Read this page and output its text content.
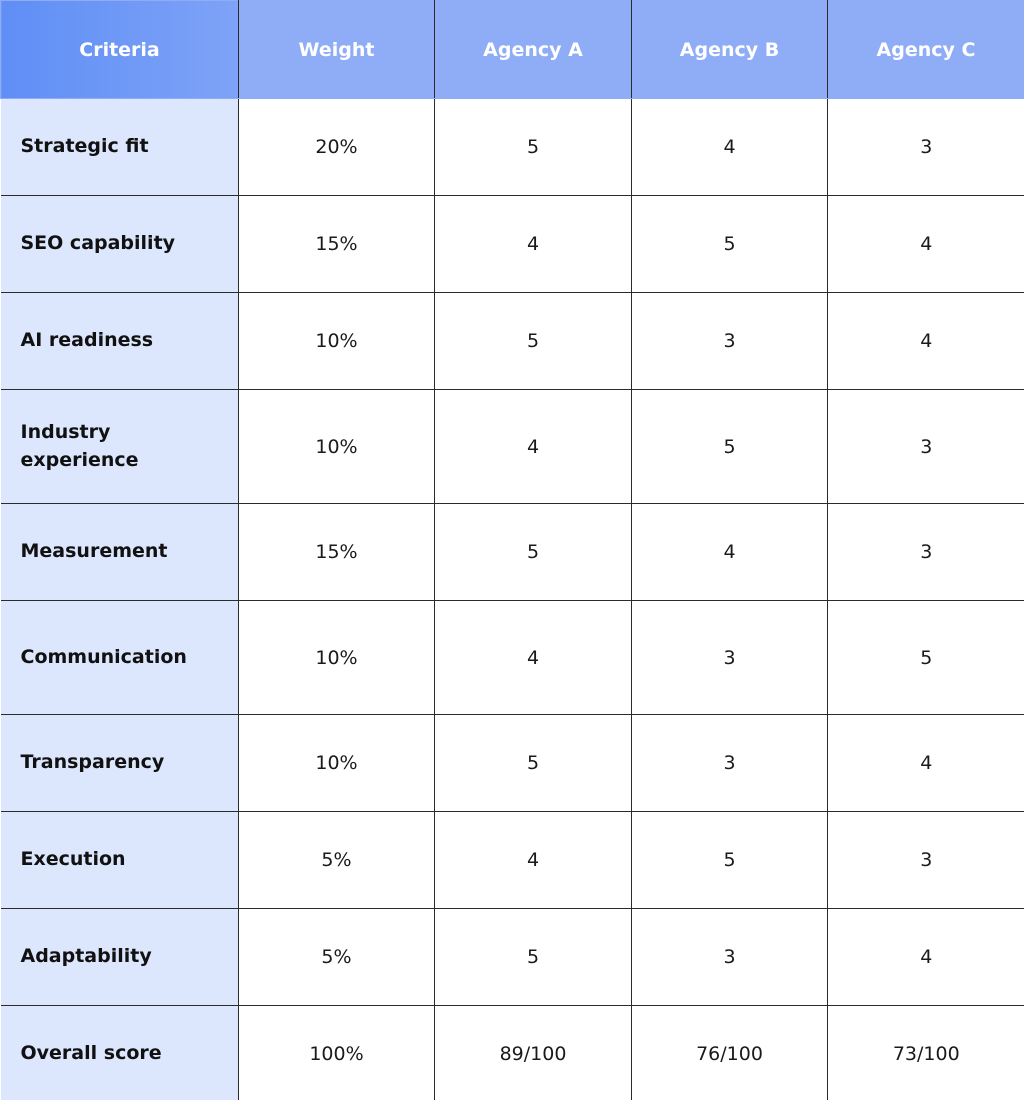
Criteria	Weight	Agency A	Agency B	Agency C
Strategic fit	20%	5	4	3
SEO capability	15%	4	5	4
AI readiness	10%	5	3	4
Industry experience	10%	4	5	3
Measurement	15%	5	4	3
Communication	10%	4	3	5
Transparency	10%	5	3	4
Execution	5%	4	5	3
Adaptability	5%	5	3	4
Overall score	100%	89/100	76/100	73/100
